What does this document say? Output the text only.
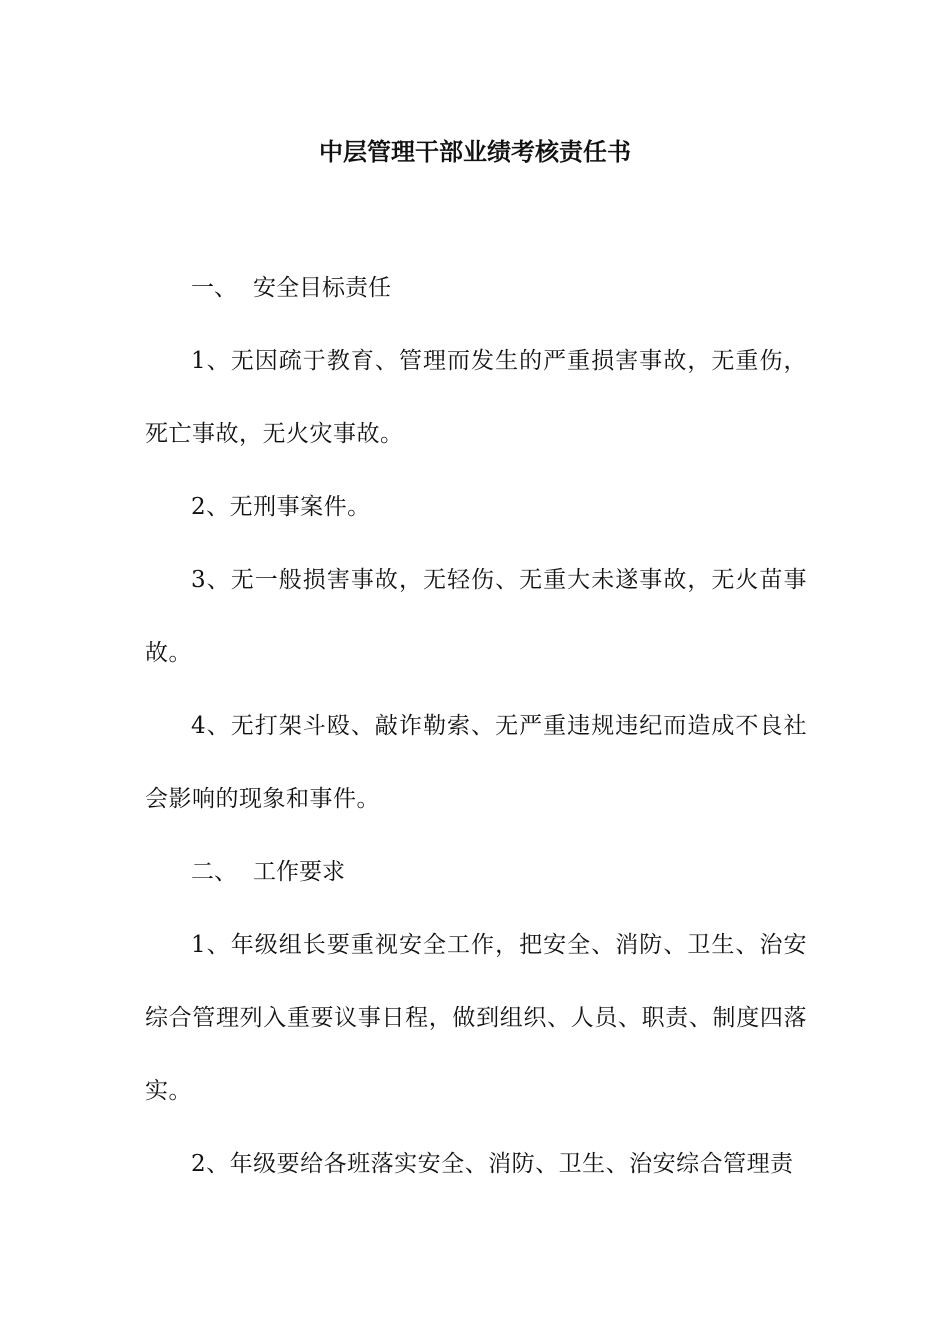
中层管理干部业绩考核责任书

一、 安全目标责任

1、无因疏于教育、管理而发生的严重损害事故，无重伤，死亡事故，无火灾事故。

2、无刑事案件。

3、无一般损害事故，无轻伤、无重大未遂事故，无火苗事故。

4、无打架斗殴、敲诈勒索、无严重违规违纪而造成不良社会影响的现象和事件。

二、 工作要求

1、年级组长要重视安全工作，把安全、消防、卫生、治安综合管理列入重要议事日程，做到组织、人员、职责、制度四落实。

2、年级要给各班落实安全、消防、卫生、治安综合管理责
